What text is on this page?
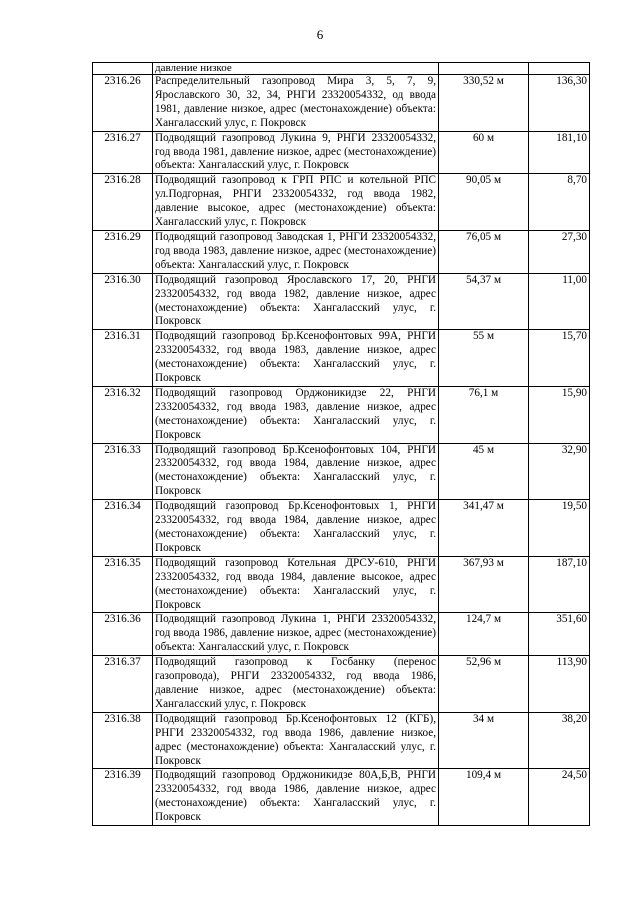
6
	давление низкое		
2316.26	Распределительный газопровод Мира 3, 5, 7, 9, Ярославского 30, 32, 34, РНГИ 23320054332, од ввода 1981, давление низкое, адрес (местонахождение) объекта: Хангаласский улус, г. Покровск	330,52 м	136,30
2316.27	Подводящий газопровод Лукина 9, РНГИ 23320054332, год ввода 1981, давление низкое, адрес (местонахождение) объекта: Хангаласский улус, г. Покровск	60 м	181,10
2316.28	Подводящий газопровод к ГРП РПС и котельной РПС ул.Подгорная, РНГИ 23320054332, год ввода 1982, давление высокое, адрес (местонахождение) объекта: Хангаласский улус, г. Покровск	90,05 м	8,70
2316.29	Подводящий газопровод Заводская 1, РНГИ 23320054332, год ввода 1983, давление низкое, адрес (местонахождение) объекта: Хангаласский улус, г. Покровск	76,05 м	27,30
2316.30	Подводящий газопровод Ярославского 17, 20, РНГИ 23320054332, год ввода 1982, давление низкое, адрес (местонахождение) объекта: Хангаласский улус, г. Покровск	54,37 м	11,00
2316.31	Подводящий газопровод Бр.Ксенофонтовых 99А, РНГИ 23320054332, год ввода 1983, давление низкое, адрес (местонахождение) объекта: Хангаласский улус, г. Покровск	55 м	15,70
2316.32	Подводящий газопровод Орджоникидзе 22, РНГИ 23320054332, год ввода 1983, давление низкое, адрес (местонахождение) объекта: Хангаласский улус, г. Покровск	76,1 м	15,90
2316.33	Подводящий газопровод Бр.Ксенофонтовых 104, РНГИ 23320054332, год ввода 1984, давление низкое, адрес (местонахождение) объекта: Хангаласский улус, г. Покровск	45 м	32,90
2316.34	Подводящий газопровод Бр.Ксенофонтовых 1, РНГИ 23320054332, год ввода 1984, давление низкое, адрес (местонахождение) объекта: Хангаласский улус, г. Покровск	341,47 м	19,50
2316.35	Подводящий газопровод Котельная ДРСУ-610, РНГИ 23320054332, год ввода 1984, давление высокое, адрес (местонахождение) объекта: Хангаласский улус, г. Покровск	367,93 м	187,10
2316.36	Подводящий газопровод Лукина 1, РНГИ 23320054332, год ввода 1986, давление низкое, адрес (местонахождение) объекта: Хангаласский улус, г. Покровск	124,7 м	351,60
2316.37	Подводящий газопровод к Госбанку (перенос газопровода), РНГИ 23320054332, год ввода 1986, давление низкое, адрес (местонахождение) объекта: Хангаласский улус, г. Покровск	52,96 м	113,90
2316.38	Подводящий газопровод Бр.Ксенофонтовых 12 (КГБ), РНГИ 23320054332, год ввода 1986, давление низкое, адрес (местонахождение) объекта: Хангаласский улус, г. Покровск	34 м	38,20
2316.39	Подводящий газопровод Орджоникидзе 80А,Б,В, РНГИ 23320054332, год ввода 1986, давление низкое, адрес (местонахождение) объекта: Хангаласский улус, г. Покровск	109,4 м	24,50
